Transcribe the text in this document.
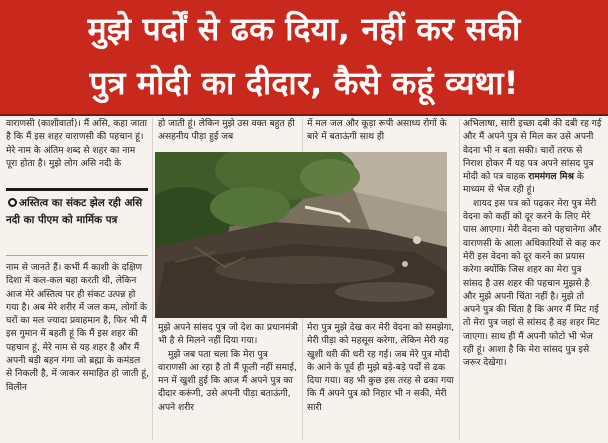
मुझे पर्दों से ढक दिया, नहीं कर सकी
पुत्र मोदी का दीदार, कैसे कहूं व्यथा!

वाराणसी (काशीवार्ता)। मैं असि, कहा जाता है कि मैं इस शहर वाराणसी की पहचान हूं। मेरे नाम के अंतिम शब्द से शहर का नाम पूरा होता है। मुझे लोग असि नदी के

अस्तित्व का संकट झेल रही असि नदी का पीएम को मार्मिक पत्र

नाम से जानते हैं। कभी मैं काशी के दक्षिण दिशा में कल-कल बहा करती थी, लेकिन आज मेरे अस्तित्व पर ही संकट उत्पन्न हो गया है। अब मेरे शरीर में जल कम, लोगों के घरों का मल ज्यादा प्रवाहमान है, फिर भी मैं इस गुमान में बहती हूं कि मैं इस शहर की पहचान हूं, मेरे नाम से यह शहर है और मैं अपनी बड़ी बहन गंगा जो ब्रह्मा के कमंडल से निकली है, में जाकर समाहित हो जाती हूं, विलीन

हो जाती हूं। लेकिन मुझे उस वक्त बहुत ही असहनीय पीड़ा हुई जब

में मल जल और कूड़ा रूपी असाध्य रोगों के बारे में बताऊंगी साथ ही

मुझे अपने सांसद पुत्र जो देश का प्रधानमंत्री भी है से मिलने नहीं दिया गया।

मुझे जब पता चला कि मेरा पुत्र वाराणसी आ रहा है तो मैं फूली नहीं समाई, मन में खुशी हुई कि आज मैं अपने पुत्र का दीदार करूंगी, उसे अपनी पीड़ा बताऊंगी, अपने शरीर

मेरा पुत्र मुझे देख कर मेरी वेदना को समझेगा, मेरी पीड़ा को महसूस करेगा, लेकिन मेरी यह खुशी धरी की धरी रह गई। जब मेरे पुत्र मोदी के आने के पूर्व ही मुझे बड़े-बड़े पर्दों से ढक दिया गया। वह भी कुछ इस तरह से ढका गया कि मैं अपने पुत्र को निहार भी न सकी, मेरी सारी

अभिलाषा, सारी इच्छा दबी की दबी रह गई और मैं अपने पुत्र से मिल कर उसे अपनी वेदना भी न बता सकी। चारों तरफ से निराश होकर मैं यह पत्र अपने सांसद पुत्र मोदी को पत्र वाहक राममंगल मिश्र के माध्यम से भेज रही हूं।

शायद इस पत्र को पढ़कर मेरा पुत्र मेरी वेदना को कहीं को दूर करने के लिए मेरे पास आएगा। मेरी वेदना को पहचानेगा और वाराणसी के आला अधिकारियों से कह कर मेरी इस वेदना को दूर करने का प्रयास करेगा क्योंकि जिस शहर का मेरा पुत्र सांसद है उस शहर की पहचान मुझसे है और मुझे अपनी चिंता नहीं है। मुझे तो अपने पुत्र की चिंता है कि अगर मैं मिट गई तो मेरा पुत्र जहां से सांसद है वह शहर मिट जाएगा। साथ ही मैं अपनी फोटो भी भेज रही हूं। आशा है कि मेरा सांसद पुत्र इसे जरूर देखेगा।
